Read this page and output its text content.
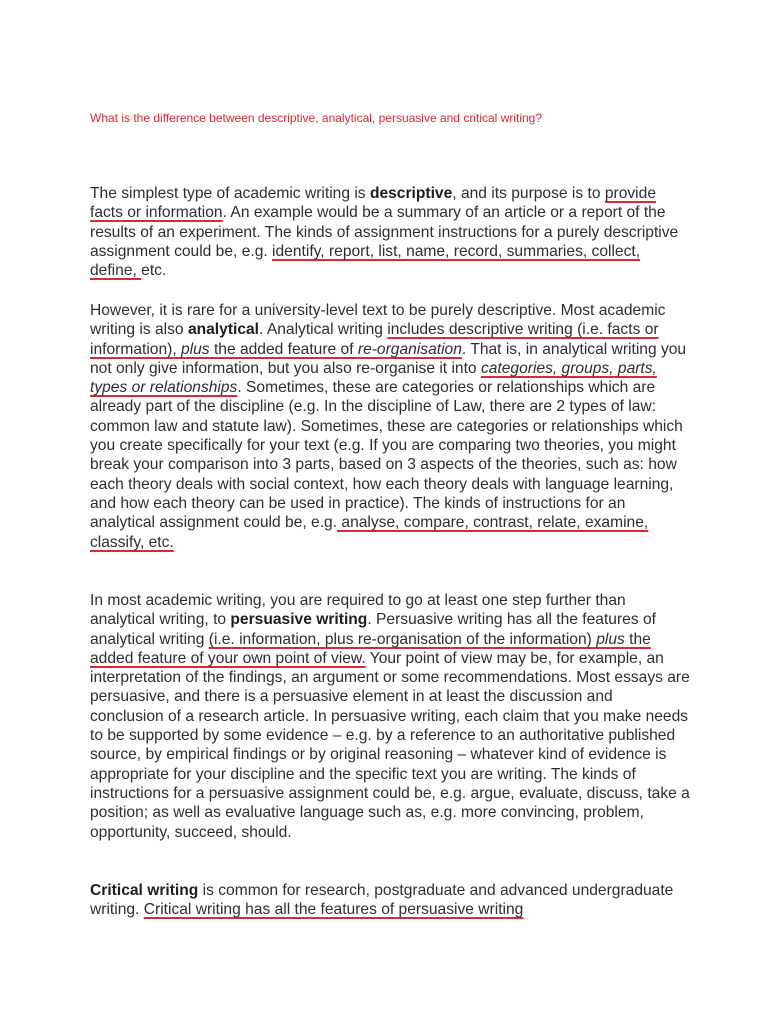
What is the difference between descriptive, analytical, persuasive and critical writing?

The simplest type of academic writing is descriptive, and its purpose is to provide facts or information. An example would be a summary of an article or a report of the results of an experiment. The kinds of assignment instructions for a purely descriptive assignment could be, e.g. identify, report, list, name, record, summaries, collect, define, etc.

However, it is rare for a university-level text to be purely descriptive. Most academic writing is also analytical. Analytical writing includes descriptive writing (i.e. facts or information), plus the added feature of re-organisation. That is, in analytical writing you not only give information, but you also re-organise it into categories, groups, parts, types or relationships. Sometimes, these are categories or relationships which are already part of the discipline (e.g. In the discipline of Law, there are 2 types of law: common law and statute law). Sometimes, these are categories or relationships which you create specifically for your text (e.g. If you are comparing two theories, you might break your comparison into 3 parts, based on 3 aspects of the theories, such as: how each theory deals with social context, how each theory deals with language learning, and how each theory can be used in practice). The kinds of instructions for an analytical assignment could be, e.g. analyse, compare, contrast, relate, examine, classify, etc.

In most academic writing, you are required to go at least one step further than analytical writing, to persuasive writing. Persuasive writing has all the features of analytical writing (i.e. information, plus re-organisation of the information) plus the added feature of your own point of view. Your point of view may be, for example, an interpretation of the findings, an argument or some recommendations. Most essays are persuasive, and there is a persuasive element in at least the discussion and conclusion of a research article. In persuasive writing, each claim that you make needs to be supported by some evidence – e.g. by a reference to an authoritative published source, by empirical findings or by original reasoning – whatever kind of evidence is appropriate for your discipline and the specific text you are writing. The kinds of instructions for a persuasive assignment could be, e.g. argue, evaluate, discuss, take a position; as well as evaluative language such as, e.g. more convincing, problem, opportunity, succeed, should.

Critical writing is common for research, postgraduate and advanced undergraduate writing. Critical writing has all the features of persuasive writing
